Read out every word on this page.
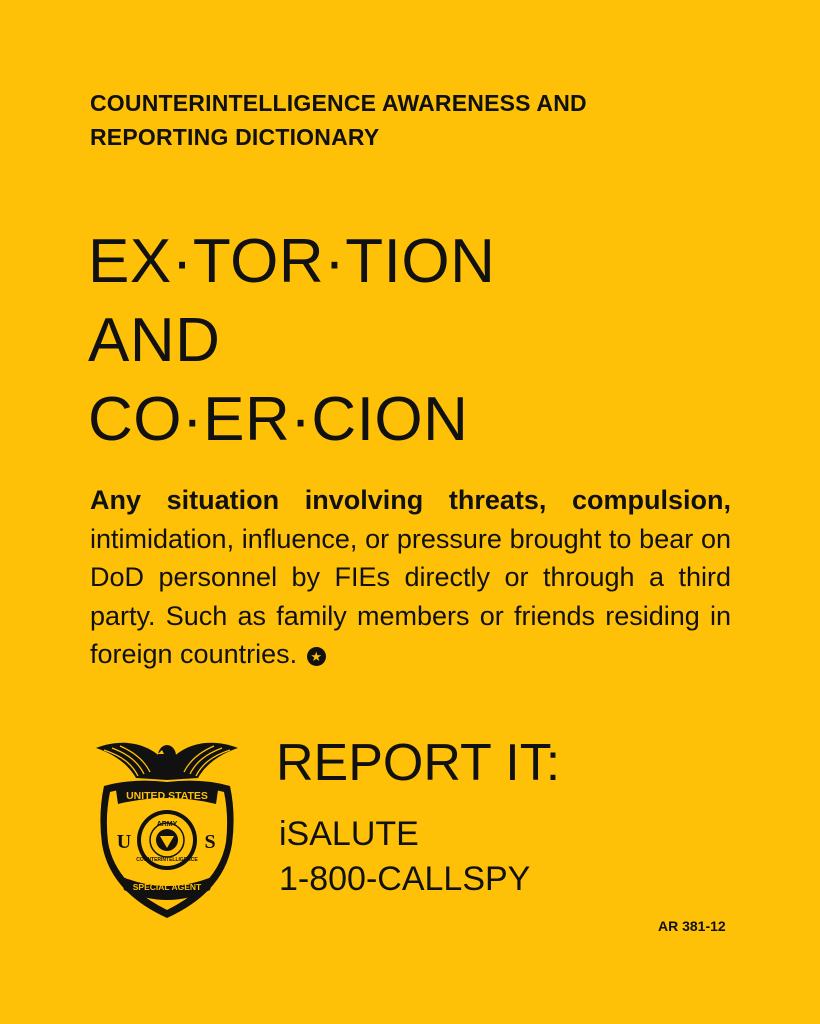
COUNTERINTELLIGENCE AWARENESS AND
REPORTING DICTIONARY
EX·TOR·TION
AND
CO·ER·CION
Any situation involving threats, compulsion, intimidation, influence, or pressure brought to bear on DoD personnel by FIEs directly or through a third party. Such as family members or friends residing in foreign countries. ★
UNITED STATES
ARMY
COUNTERINTELLIGENCE
U	S
SPECIAL AGENT
REPORT IT:
iSALUTE
1-800-CALLSPY
AR 381-12
